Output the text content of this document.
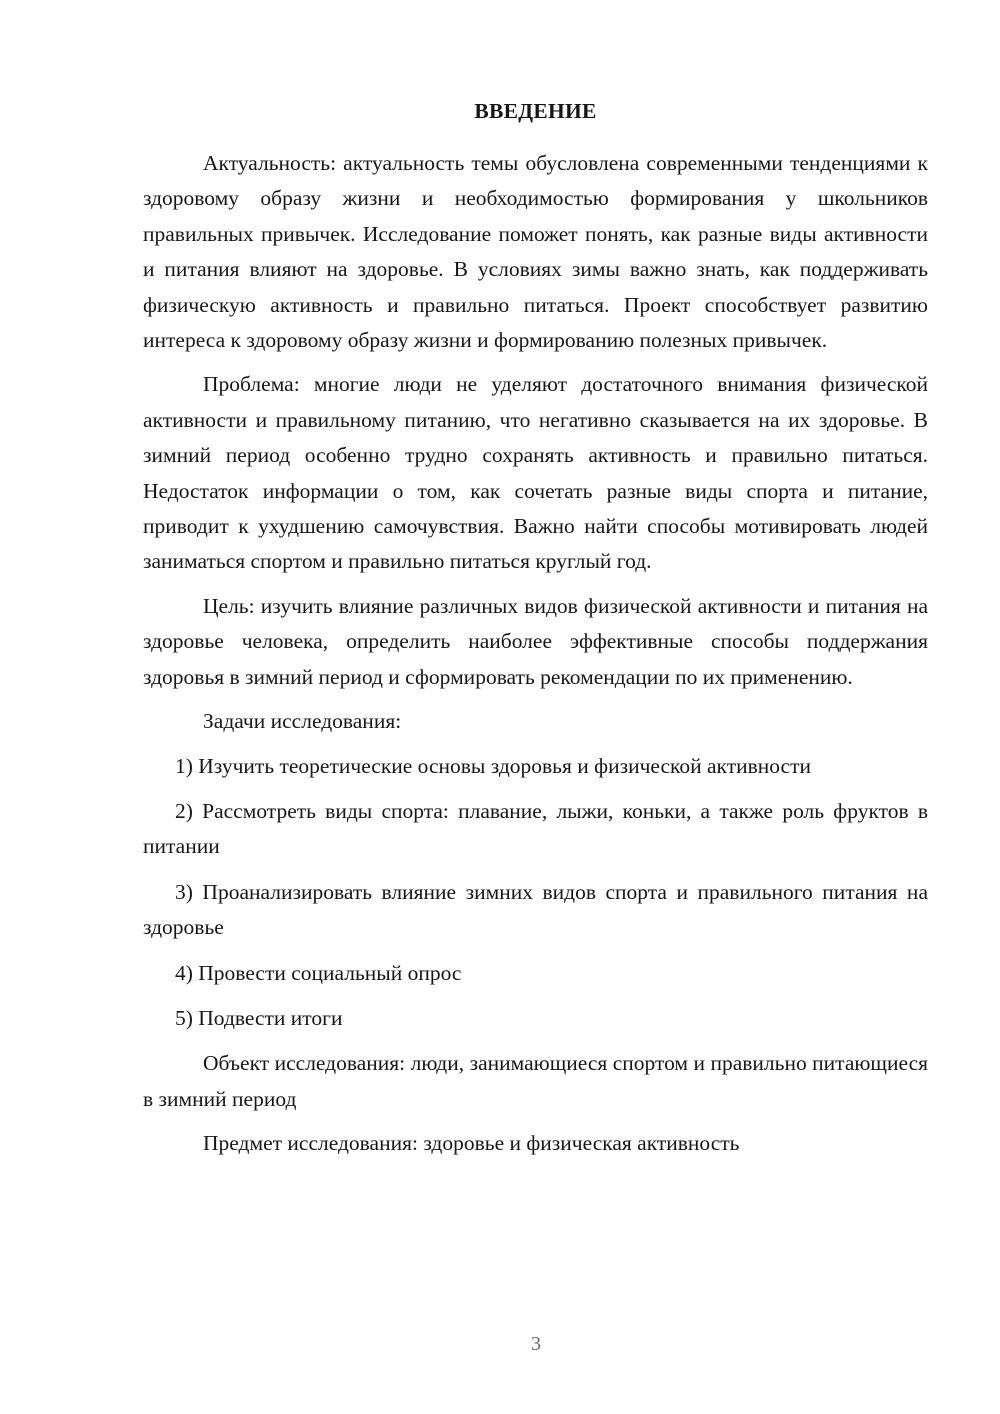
ВВЕДЕНИЕ

Актуальность: актуальность темы обусловлена современными тенденциями к здоровому образу жизни и необходимостью формирования у школьников правильных привычек. Исследование поможет понять, как разные виды активности и питания влияют на здоровье. В условиях зимы важно знать, как поддерживать физическую активность и правильно питаться. Проект способствует развитию интереса к здоровому образу жизни и формированию полезных привычек.

Проблема: многие люди не уделяют достаточного внимания физической активности и правильному питанию, что негативно сказывается на их здоровье. В зимний период особенно трудно сохранять активность и правильно питаться. Недостаток информации о том, как сочетать разные виды спорта и питание, приводит к ухудшению самочувствия. Важно найти способы мотивировать людей заниматься спортом и правильно питаться круглый год.

Цель: изучить влияние различных видов физической активности и питания на здоровье человека, определить наиболее эффективные способы поддержания здоровья в зимний период и сформировать рекомендации по их применению.

Задачи исследования:

1) Изучить теоретические основы здоровья и физической активности

2) Рассмотреть виды спорта: плавание, лыжи, коньки, а также роль фруктов в питании

3) Проанализировать влияние зимних видов спорта и правильного питания на здоровье

4) Провести социальный опрос

5) Подвести итоги

Объект исследования: люди, занимающиеся спортом и правильно питающиеся в зимний период

Предмет исследования: здоровье и физическая активность

3
